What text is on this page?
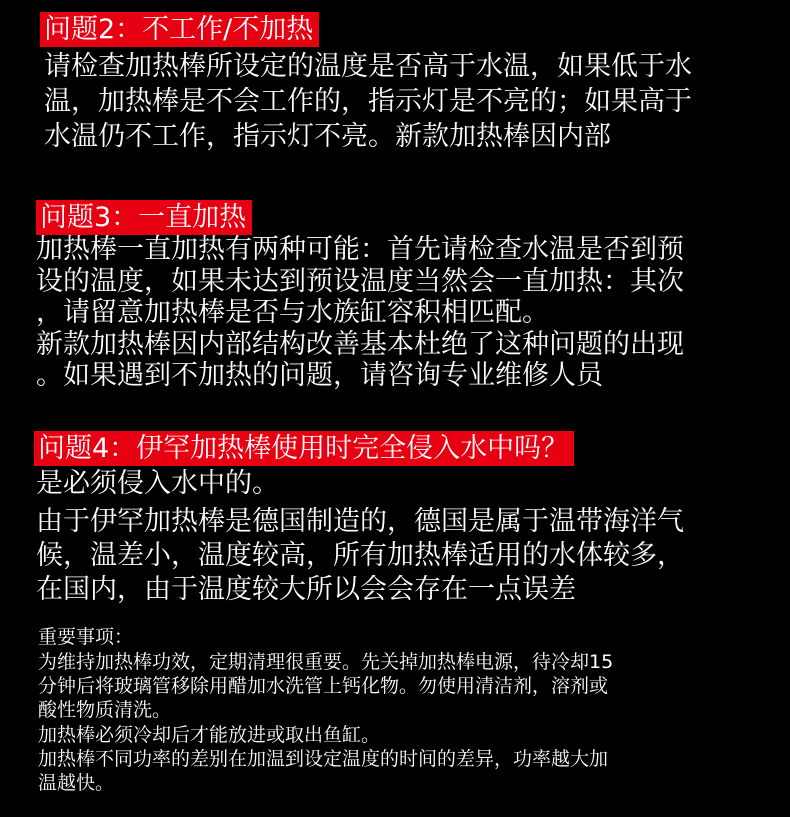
问题2：不工作/不加热
请检查加热棒所设定的温度是否高于水温，如果低于水
温，加热棒是不会工作的，指示灯是不亮的；如果高于
水温仍不工作，指示灯不亮。新款加热棒因内部
问题3：一直加热
加热棒一直加热有两种可能：首先请检查水温是否到预
设的温度，如果未达到预设温度当然会一直加热：其次
，请留意加热棒是否与水族缸容积相匹配。
新款加热棒因内部结构改善基本杜绝了这种问题的出现
。如果遇到不加热的问题，请咨询专业维修人员
问题4：伊罕加热棒使用时完全侵入水中吗？
是必须侵入水中的。
由于伊罕加热棒是德国制造的，德国是属于温带海洋气
候，温差小，温度较高，所有加热棒适用的水体较多，
在国内，由于温度较大所以会会存在一点误差
重要事项：
为维持加热棒功效，定期清理很重要。先关掉加热棒电源，待冷却15
分钟后将玻璃管移除用醋加水洗管上钙化物。勿使用清洁剂，溶剂或
酸性物质清洗。
加热棒必须冷却后才能放进或取出鱼缸。
加热棒不同功率的差别在加温到设定温度的时间的差异，功率越大加
温越快。
